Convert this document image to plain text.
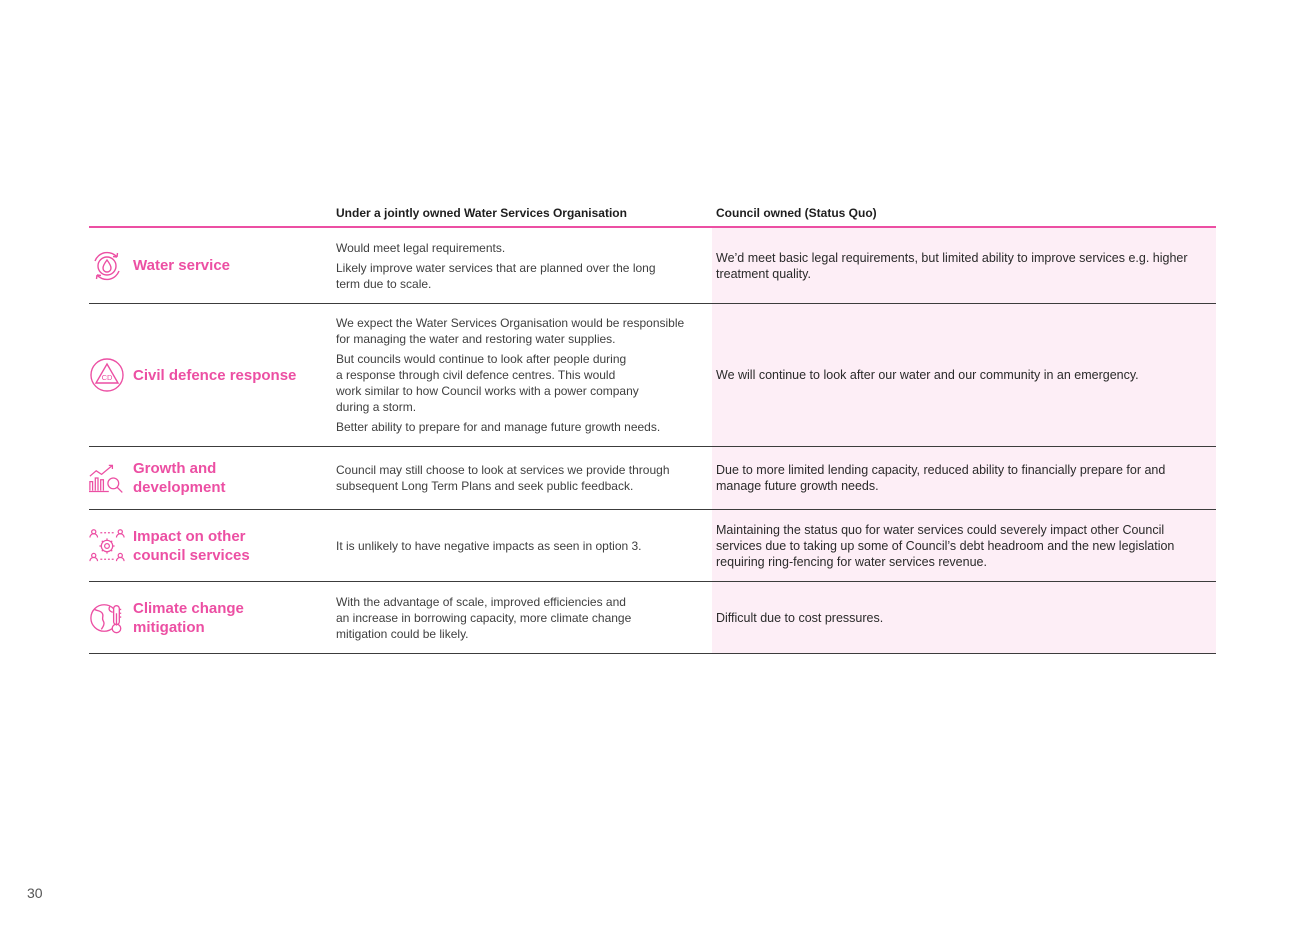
Under a jointly owned Water Services Organisation	Council owned (Status Quo)
Water service

Would meet legal requirements.

Likely improve water services that are planned over the long
term due to scale.

We’d meet basic legal requirements, but limited ability to improve services e.g. higher
treatment quality.
CD Civil defence response

We expect the Water Services Organisation would be responsible
for managing the water and restoring water supplies.

But councils would continue to look after people during
a response through civil defence centres. This would
work similar to how Council works with a power company
during a storm.

Better ability to prepare for and manage future growth needs.

We will continue to look after our water and our community in an emergency.
Growth and
development

Council may still choose to look at services we provide through
subsequent Long Term Plans and seek public feedback.

Due to more limited lending capacity, reduced ability to financially prepare for and
manage future growth needs.
Impact on other
council services

It is unlikely to have negative impacts as seen in option 3.

Maintaining the status quo for water services could severely impact other Council
services due to taking up some of Council’s debt headroom and the new legislation
requiring ring-fencing for water services revenue.
Climate change
mitigation

With the advantage of scale, improved efficiencies and
an increase in borrowing capacity, more climate change
mitigation could be likely.

Difficult due to cost pressures.
30
